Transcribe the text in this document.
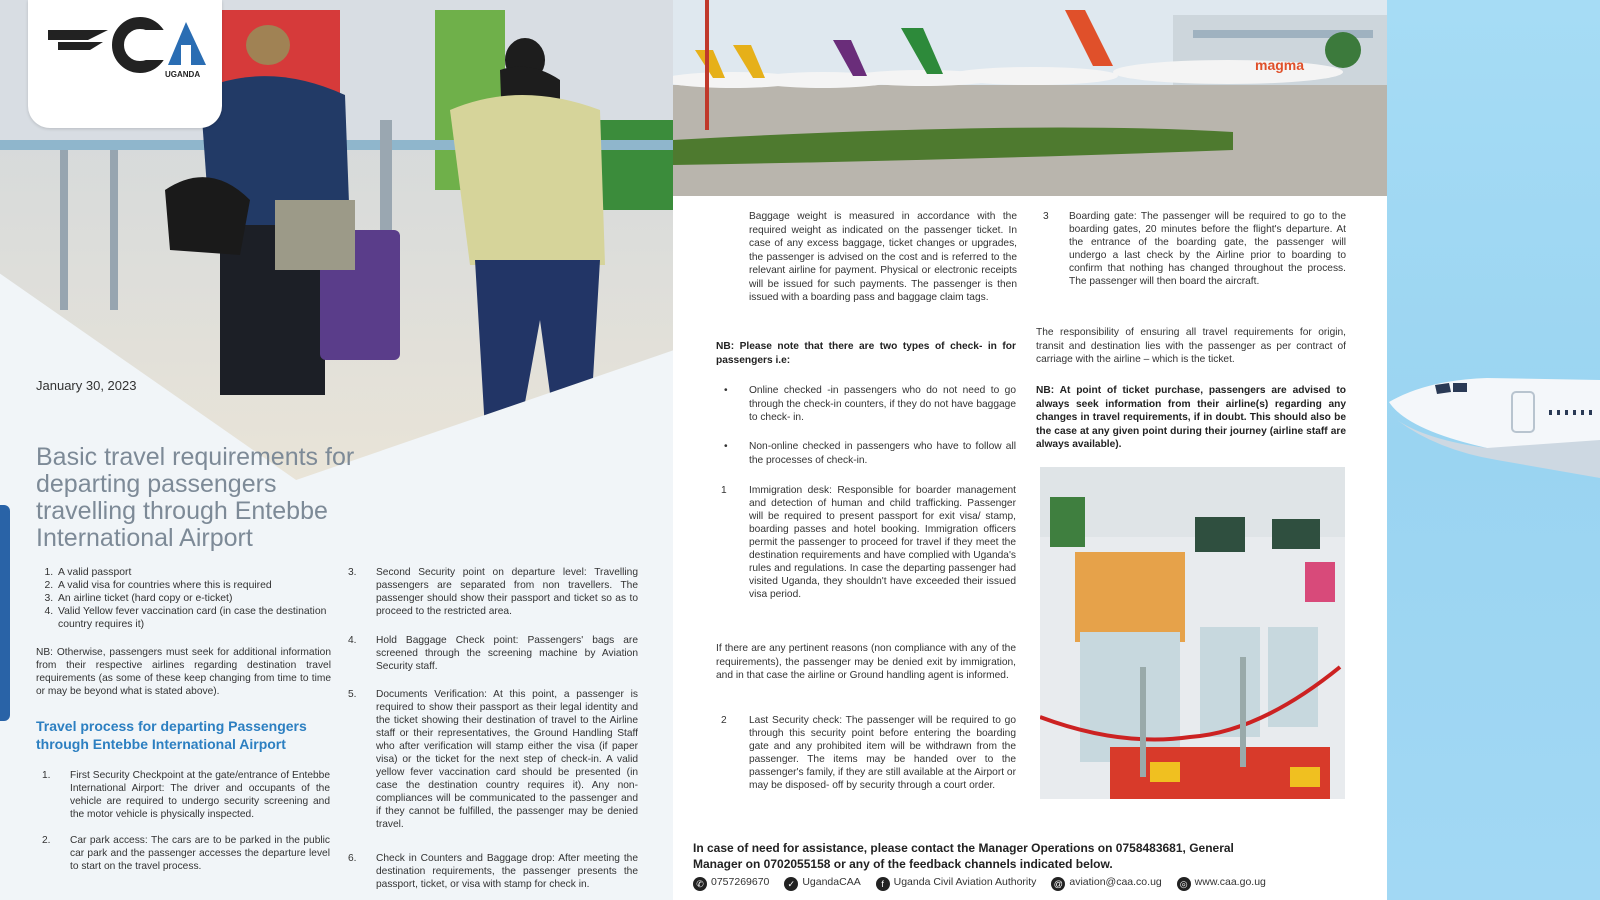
UGANDA
January 30, 2023
Basic travel requirements for departing passengers travelling through Entebbe International Airport
1. A valid passport
2. A valid visa for countries where this is required
3. An airline ticket (hard copy or e-ticket)
4. Valid Yellow fever vaccination card (in case the destination country requires it)
NB: Otherwise, passengers must seek for additional information from their respective airlines regarding destination travel requirements (as some of these keep changing from time to time or may be beyond what is stated above).
Travel process for departing Passengers through Entebbe International Airport
1. First Security Checkpoint at the gate/entrance of Entebbe International Airport: The driver and occupants of the vehicle are required to undergo security screening and the motor vehicle is physically inspected.
2. Car park access: The cars are to be parked in the public car park and the passenger accesses the departure level to start on the travel process.
3. Second Security point on departure level: Travelling passengers are separated from non travellers. The passenger should show their passport and ticket so as to proceed to the restricted area.
4. Hold Baggage Check point: Passengers' bags are screened through the screening machine by Aviation Security staff.
5. Documents Verification: At this point, a passenger is required to show their passport as their legal identity and the ticket showing their destination of travel to the Airline staff or their representatives, the Ground Handling Staff who after verification will stamp either the visa (if paper visa) or the ticket for the next step of check-in. A valid yellow fever vaccination card should be presented (in case the destination country requires it). Any non- compliances will be communicated to the passenger and if they cannot be fulfilled, the passenger may be denied travel.
6. Check in Counters and Baggage drop: After meeting the destination requirements, the passenger presents the passport, ticket, or visa with stamp for check in.
magma
Baggage weight is measured in accordance with the required weight as indicated on the passenger ticket. In case of any excess baggage, ticket changes or upgrades, the passenger is advised on the cost and is referred to the relevant airline for payment. Physical or electronic receipts will be issued for such payments. The passenger is then issued with a boarding pass and baggage claim tags.
NB: Please note that there are two types of check- in for passengers i.e:
• Online checked -in passengers who do not need to go through the check-in counters, if they do not have baggage to check- in.
• Non-online checked in passengers who have to follow all the processes of check-in.
1 Immigration desk: Responsible for boarder management and detection of human and child trafficking. Passenger will be required to present passport for exit visa/ stamp, boarding passes and hotel booking. Immigration officers permit the passenger to proceed for travel if they meet the destination requirements and have complied with Uganda's rules and regulations. In case the departing passenger had visited Uganda, they shouldn't have exceeded their issued visa period.
If there are any pertinent reasons (non compliance with any of the requirements), the passenger may be denied exit by immigration, and in that case the airline or Ground handling agent is informed.
2 Last Security check: The passenger will be required to go through this security point before entering the boarding gate and any prohibited item will be withdrawn from the passenger. The items may be handed over to the passenger's family, if they are still available at the Airport or may be disposed- off by security through a court order.
3 Boarding gate: The passenger will be required to go to the boarding gates, 20 minutes before the flight's departure. At the entrance of the boarding gate, the passenger will undergo a last check by the Airline prior to boarding to confirm that nothing has changed throughout the process. The passenger will then board the aircraft.
The responsibility of ensuring all travel requirements for origin, transit and destination lies with the passenger as per contract of carriage with the airline – which is the ticket.
NB: At point of ticket purchase, passengers are advised to always seek information from their airline(s) regarding any changes in travel requirements, if in doubt. This should also be the case at any given point during their journey (airline staff are always available).
In case of need for assistance, please contact the Manager Operations on 0758483681, General Manager on 0702055158 or any of the feedback channels indicated below.
✆ 0757269670 ✓ UgandaCAA f Uganda Civil Aviation Authority @ aviation@caa.co.ug ◎ www.caa.go.ug
